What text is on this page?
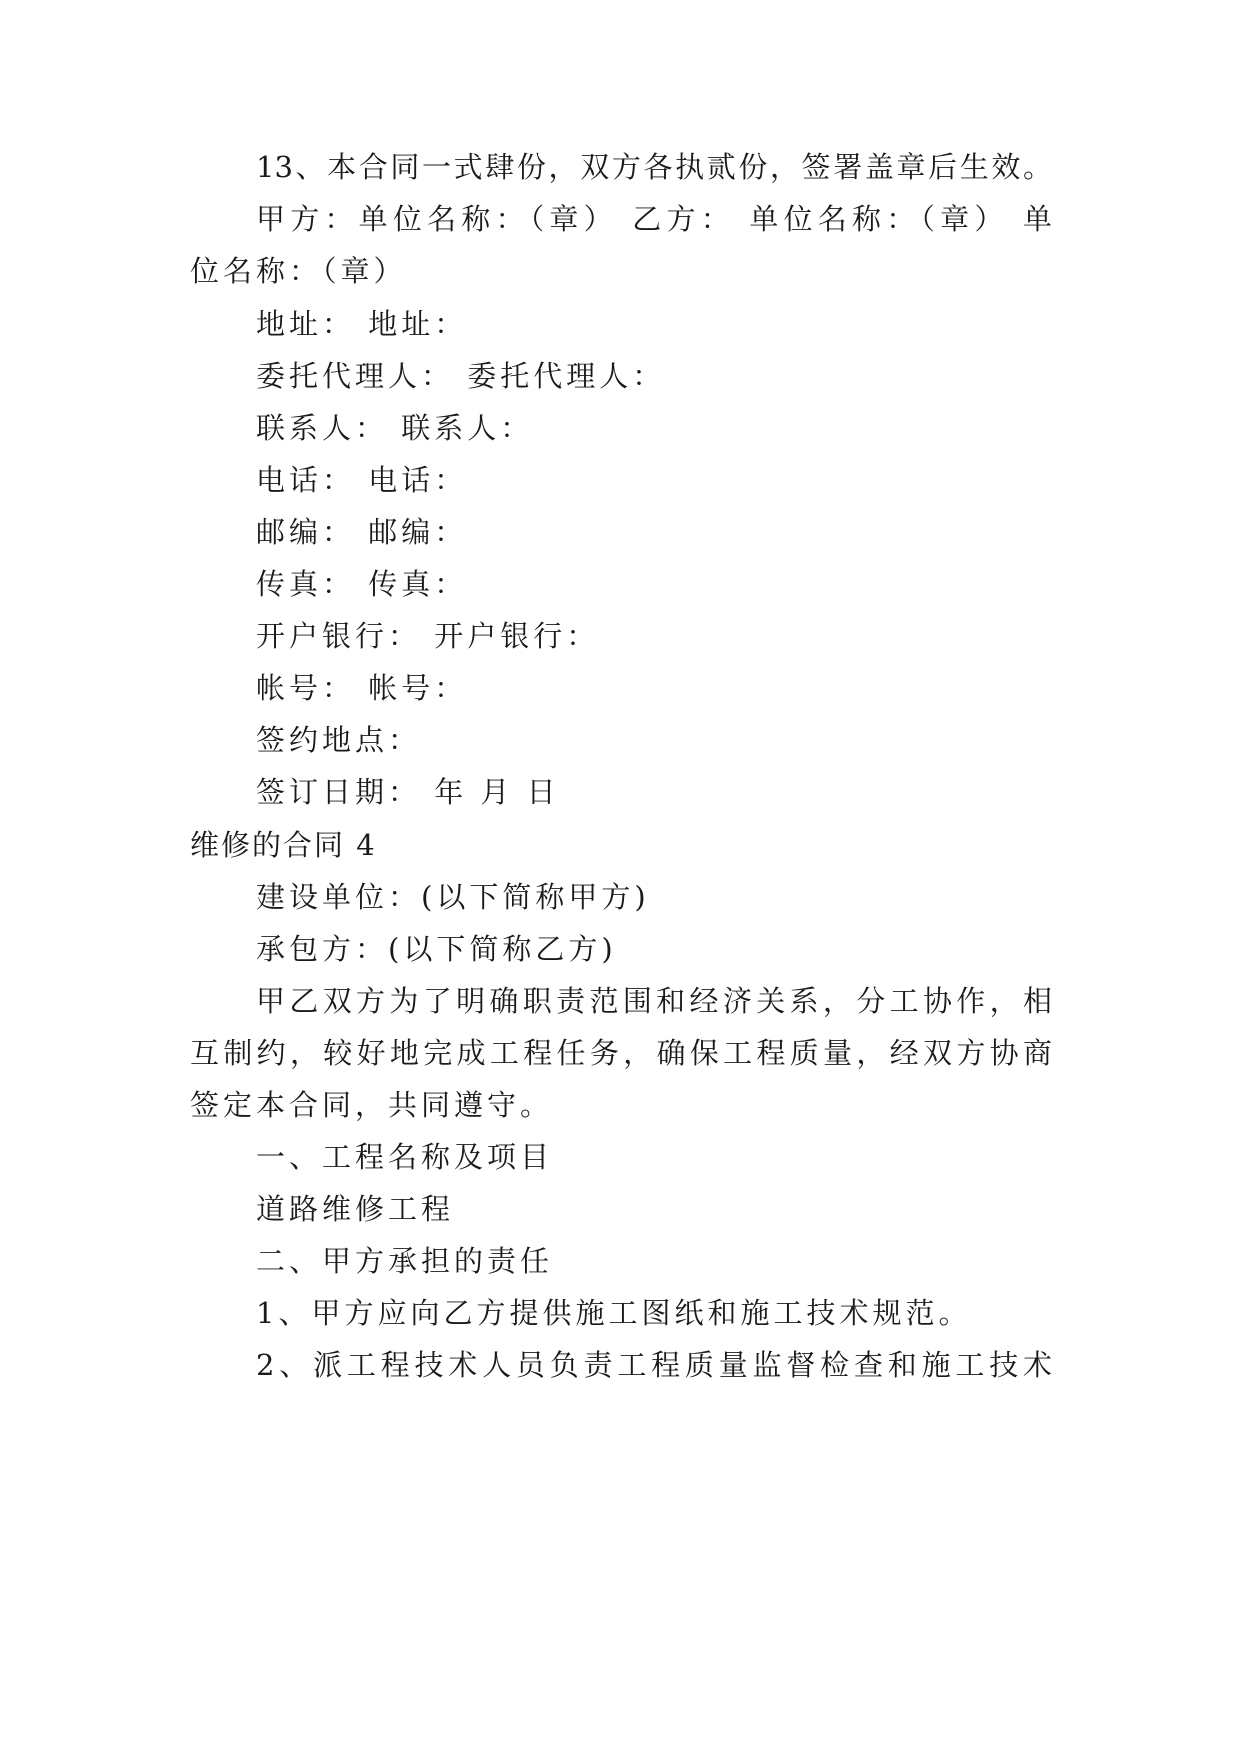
13、本合同一式肆份，双方各执贰份，签署盖章后生效。
甲方：单位名称：（章） 乙方： 单位名称：（章） 单
位名称：（章）
地址： 地址：
委托代理人： 委托代理人：
联系人： 联系人：
电话： 电话：
邮编： 邮编：
传真： 传真：
开户银行： 开户银行：
帐号： 帐号：
签约地点：
签订日期： 年 月 日
维修的合同 4
建设单位：(以下简称甲方)
承包方：(以下简称乙方)
甲乙双方为了明确职责范围和经济关系，分工协作，相
互制约，较好地完成工程任务，确保工程质量，经双方协商
签定本合同，共同遵守。
一、工程名称及项目
道路维修工程
二、甲方承担的责任
1、甲方应向乙方提供施工图纸和施工技术规范。
2、派工程技术人员负责工程质量监督检查和施工技术
